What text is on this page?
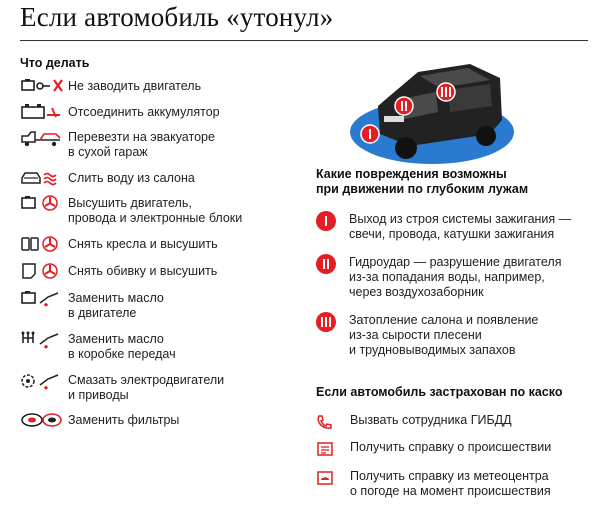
Если автомобиль «утонул»
Что делать
Не заводить двигатель
Отсоединить аккумулятор
Перевезти на эвакуаторе
в сухой гараж
Слить воду из салона
Высушить двигатель,
провода и электронные блоки
Снять кресла и высушить
Снять обивку и высушить
Заменить масло
в двигателе
Заменить масло
в коробке передач
Смазать электродвигатели
и приводы
Заменить фильтры
Какие повреждения возможны
при движении по глубоким лужам
Выход из строя системы зажигания —
свечи, провода, катушки зажигания
Гидроудар — разрушение двигателя
из-за попадания воды, например,
через воздухозаборник
Затопление салона и появление
из-за сырости плесени
и трудновыводимых запахов
Если автомобиль застрахован по каско
Вызвать сотрудника ГИБДД
Получить справку о происшествии
Получить справку из метеоцентра
о погоде на момент происшествия
